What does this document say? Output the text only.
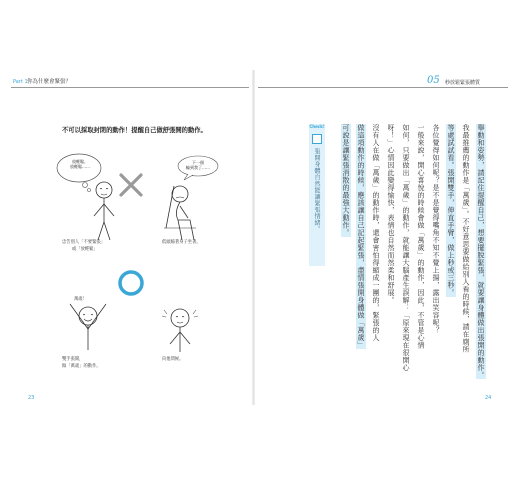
Part 1 你為什麼會緊張？	05 秒放鬆緊張體質
不可以採取封閉的動作！提醒自己做舒張開的動作。
放輕鬆、
放輕鬆……
下一個
輪到我了……
忠告別人「不要緊張」
或「放輕鬆」
低頭縮著身子坐著。
萬歲！
雙手張開，
做「萬歲」的動作。
向他問候。
23
Check!
張開身體自然能讓緊張情緒。	舉動和姿勢，請記住提醒自己，想要擺脫緊張，就要讓身體做出張開的動作。
我最推薦的動作是「萬歲」。不好意思要做給別人看的時候，請在廁所
等處試試看。張開雙手，伸直手臂，做上秒或三秒。
各位覺得如何呢？是不是覺得嘴角不知不覺上揚，露出笑容呢？
一般來說，開心喜悅的時候會做「萬歲」的動作，因此，不管是心情
如何，只要做出「萬歲」的動作，就能讓大腦產生誤解：「原來現在很開心
呀！」心情因此變得愉快，表情也自然而然柔和舒展。
沒有人在做「萬歲」的動作時，還會害怕得縮成一團的，緊張的人
做這項動作的時候，應該讓自己記起緊張，盡情張開身體做「萬歲」
可說是讓緊張消散的最強大動作。
24
